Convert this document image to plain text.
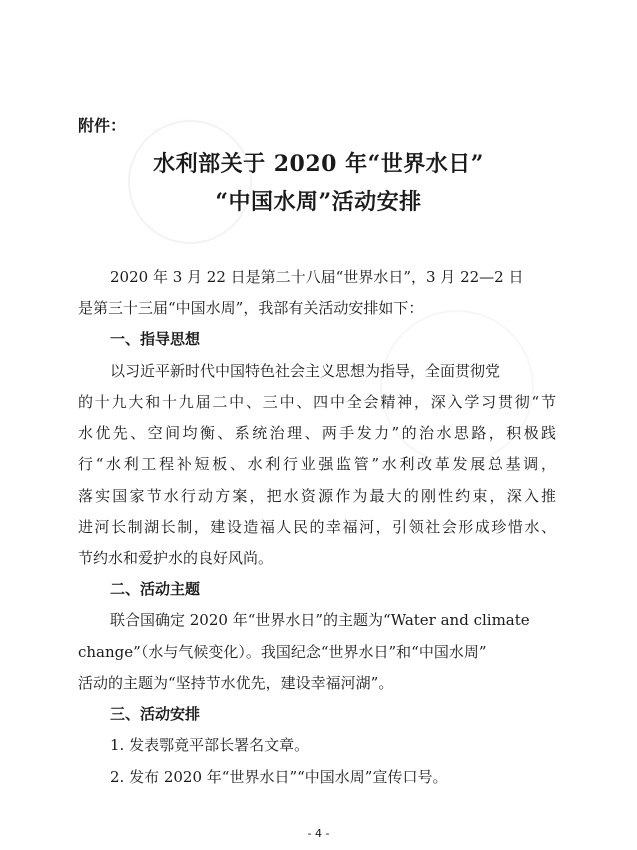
附件：
水利部关于 2020 年“世界水日”
“中国水周”活动安排
2020 年 3 月 22 日是第二十八届“世界水日”，3 月 22—2 日
是第三十三届“中国水周”，我部有关活动安排如下：
一、指导思想
以习近平新时代中国特色社会主义思想为指导，全面贯彻党
的十九大和十九届二中、三中、四中全会精神，深入学习贯彻“节
水优先、空间均衡、系统治理、两手发力”的治水思路，积极践
行“水利工程补短板、水利行业强监管”水利改革发展总基调，
落实国家节水行动方案，把水资源作为最大的刚性约束，深入推
进河长制湖长制，建设造福人民的幸福河，引领社会形成珍惜水、
节约水和爱护水的良好风尚。
二、活动主题
联合国确定 2020 年“世界水日”的主题为“Water and climate
change”（水与气候变化）。我国纪念“世界水日”和“中国水周”
活动的主题为“坚持节水优先，建设幸福河湖”。
三、活动安排
1. 发表鄂竟平部长署名文章。
2. 发布 2020 年“世界水日”“中国水周”宣传口号。
- 4 -
